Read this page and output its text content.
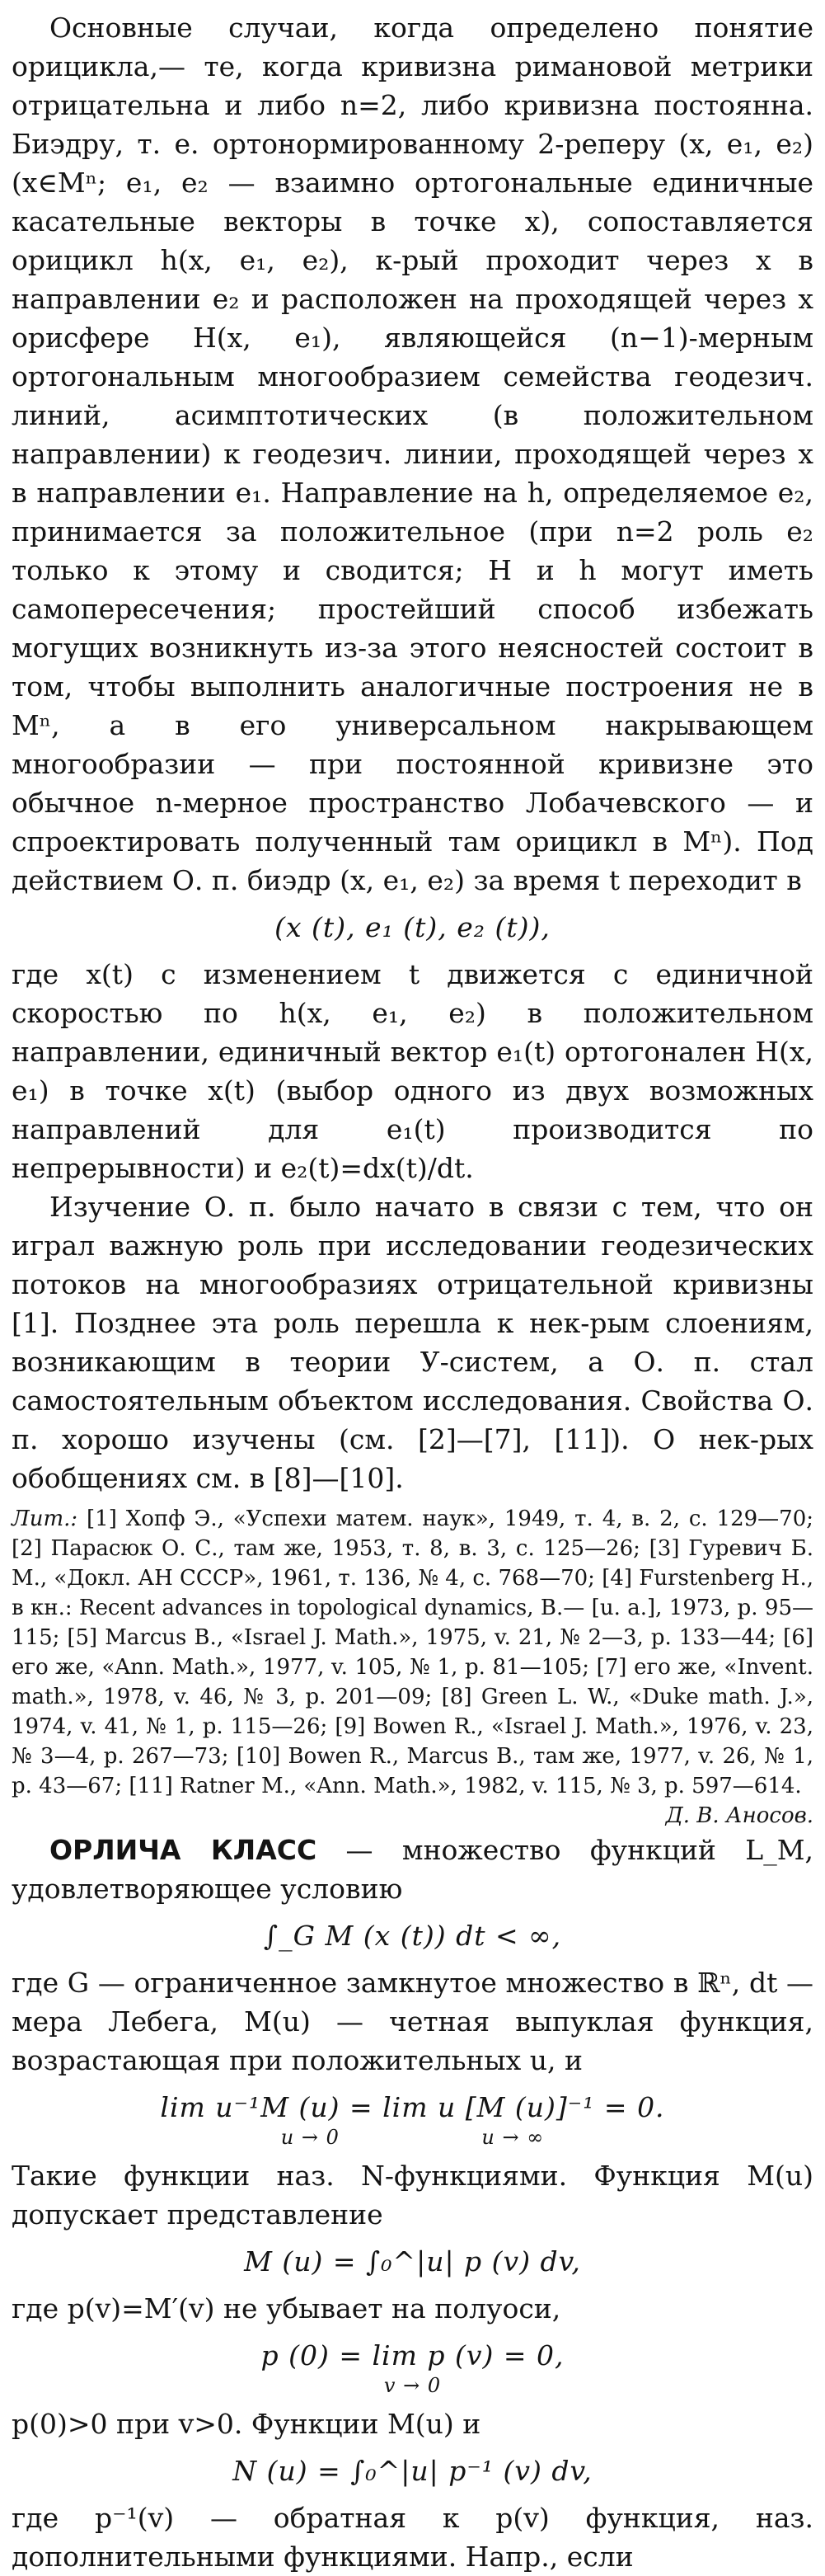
Основные случаи, когда определено понятие орицикла,— те, когда кривизна римановой метрики отрицательна и либо n=2, либо кривизна постоянна. Биэдру, т. е. ортонормированному 2-реперу (x, e₁, e₂) (x∈Mⁿ; e₁, e₂ — взаимно ортогональные единичные касательные векторы в точке x), сопоставляется орицикл h(x, e₁, e₂), к-рый проходит через x в направлении e₂ и расположен на проходящей через x орисфере H(x, e₁), являющейся (n−1)-мерным ортогональным многообразием семейства геодезич. линий, асимптотических (в положительном направлении) к геодезич. линии, проходящей через x в направлении e₁. Направление на h, определяемое e₂, принимается за положительное (при n=2 роль e₂ только к этому и сводится; H и h могут иметь самопересечения; простейший способ избежать могущих возникнуть из-за этого неясностей состоит в том, чтобы выполнить аналогичные построения не в Mⁿ, а в его универсальном накрывающем многообразии — при постоянной кривизне это обычное n-мерное пространство Лобачевского — и спроектировать полученный там орицикл в Mⁿ). Под действием О. п. биэдр (x, e₁, e₂) за время t переходит в

(x (t), e₁ (t), e₂ (t)),

где x(t) с изменением t движется с единичной скоростью по h(x, e₁, e₂) в положительном направлении, единичный вектор e₁(t) ортогонален H(x, e₁) в точке x(t) (выбор одного из двух возможных направлений для e₁(t) производится по непрерывности) и e₂(t)=dx(t)/dt.

Изучение О. п. было начато в связи с тем, что он играл важную роль при исследовании геодезических потоков на многообразиях отрицательной кривизны [1]. Позднее эта роль перешла к нек-рым слоениям, возникающим в теории У-систем, а О. п. стал самостоятельным объектом исследования. Свойства О. п. хорошо изучены (см. [2]—[7], [11]). О нек-рых обобщениях см. в [8]—[10].

Лит.: [1] Хопф Э., «Успехи матем. наук», 1949, т. 4, в. 2, с. 129—70; [2] Парасюк О. С., там же, 1953, т. 8, в. 3, с. 125—26; [3] Гуревич Б. М., «Докл. АН СССР», 1961, т. 136, № 4, с. 768—70; [4] Furstenberg H., в кн.: Recent advances in topological dynamics, B.— [u. a.], 1973, p. 95—115; [5] Marcus B., «Israel J. Math.», 1975, v. 21, № 2—3, p. 133—44; [6] его же, «Ann. Math.», 1977, v. 105, № 1, p. 81—105; [7] его же, «Invent. math.», 1978, v. 46, № 3, p. 201—09; [8] Green L. W., «Duke math. J.», 1974, v. 41, № 1, p. 115—26; [9] Bowen R., «Israel J. Math.», 1976, v. 23, № 3—4, p. 267—73; [10] Bowen R., Marcus B., там же, 1977, v. 26, № 1, p. 43—67; [11] Ratner M., «Ann. Math.», 1982, v. 115, № 3, p. 597—614.
Д. В. Аносов.

ОРЛИЧА КЛАСС — множество функций L_M, удовлетворяющее условию

∫_G M (x (t)) dt < ∞,

где G — ограниченное замкнутое множество в ℝⁿ, dt — мера Лебега, M(u) — четная выпуклая функция, возрастающая при положительных u, и

lim u⁻¹M (u) = lim u [M (u)]⁻¹ = 0.
u → 0                    u → ∞

Такие функции наз. N-функциями. Функция M(u) допускает представление

M (u) = ∫₀^|u| p (v) dv,

где p(v)=M′(v) не убывает на полуоси,

p (0) = lim p (v) = 0,
v → 0

p(0)>0 при v>0. Функции M(u) и

N (u) = ∫₀^|u| p⁻¹ (v) dv,

где p⁻¹(v) — обратная к p(v) функция, наз. дополнительными функциями. Напр., если
